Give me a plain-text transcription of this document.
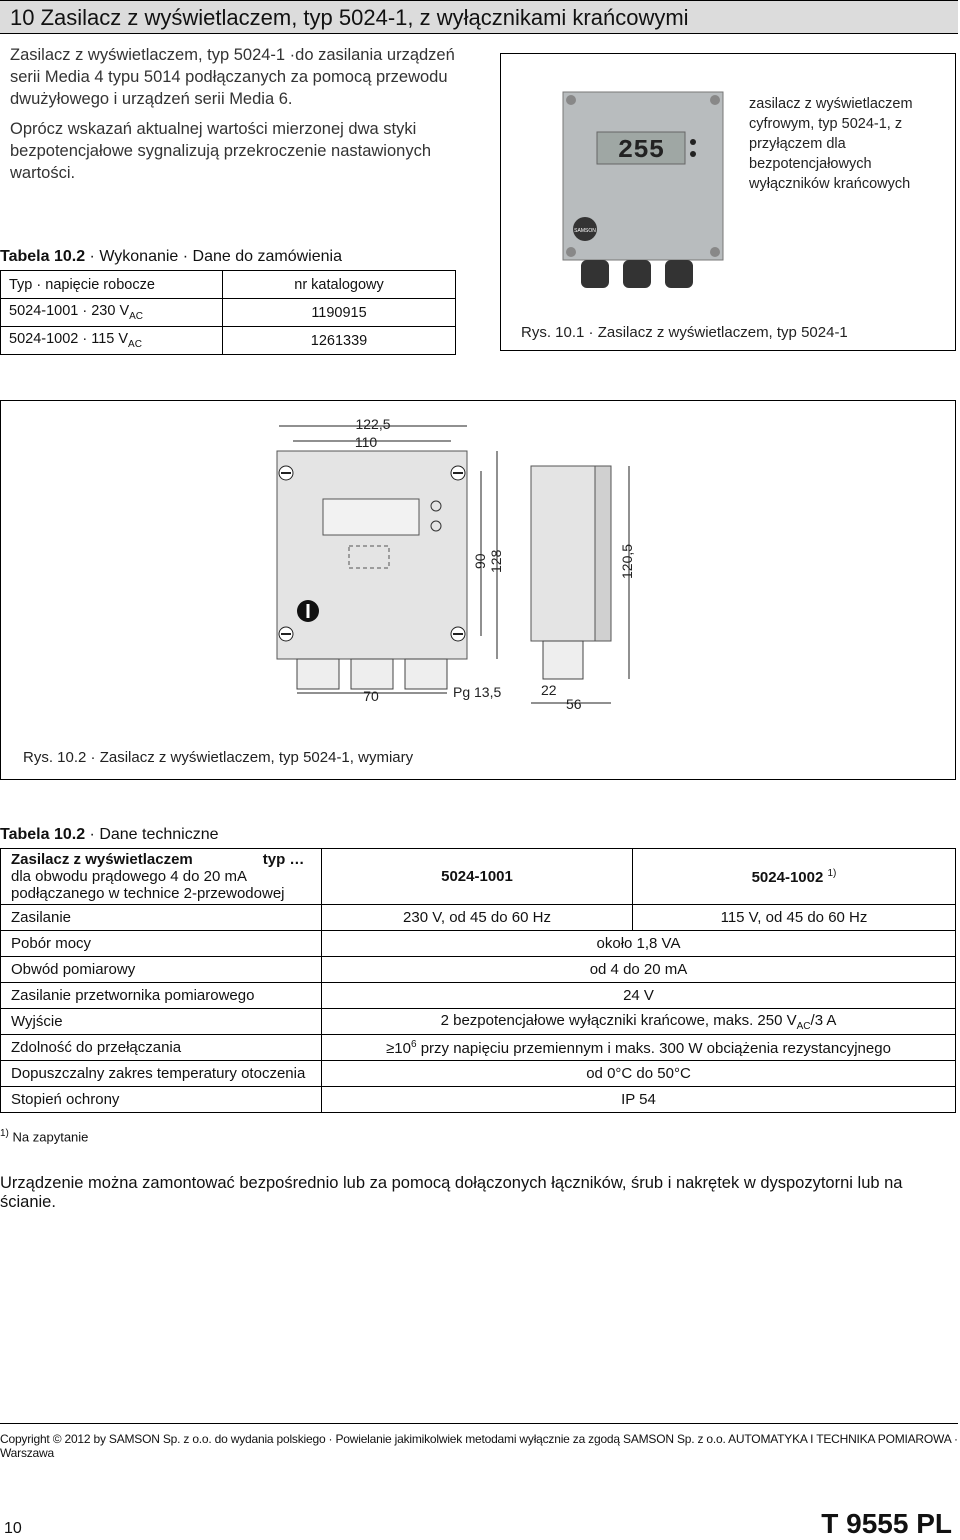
10 Zasilacz z wyświetlaczem, typ 5024-1, z wyłącznikami krańcowymi

Zasilacz z wyświetlaczem, typ 5024-1 ·do zasilania urządzeń serii Media 4 typu 5014 podłączanych za pomocą przewodu dwużyłowego i urządzeń serii Media 6.

Oprócz wskazań aktualnej wartości mierzonej dwa styki bezpotencjałowe sygnalizują przekroczenie nastawionych wartości.

255
SAMSON
zasilacz z wyświetlaczem cyfrowym, typ 5024-1, z przyłączem dla bezpotencjałowych wyłączników krańcowych
Rys. 10.1 · Zasilacz z wyświetlaczem, typ 5024-1
Tabela 10.2 · Wykonanie · Dane do zamówienia
Typ · napięcie robocze	nr katalogowy
5024-1001 · 230 $V_{AC}$	1190915
5024-1002 · 115 $V_{AC}$	1261339
122,5
110
90 128	120,5
70	Pg 13,5	22
56
Rys. 10.2 · Zasilacz z wyświetlaczem, typ 5024-1, wymiary
Tabela 10.2 · Dane techniczne
Zasilacz z wyświetlaczem typ …
dla obwodu prądowego 4 do 20 mA
podłączanego w technice 2-przewodowej	5024-1001	5024-1002 $^{1)}$
Zasilanie	230 V, od 45 do 60 Hz	115 V, od 45 do 60 Hz
Pobór mocy	około 1,8 VA	
Obwód pomiarowy	od 4 do 20 mA	
Zasilanie przetwornika pomiarowego	24 V	
Wyjście	2 bezpotencjałowe wyłączniki krańcowe, maks. 250 $V_{AC}/3$ A	
Zdolność do przełączania	$\ge 10^6$ przy napięciu przemiennym i maks. 300 W obciążenia rezystancyjnego	
Dopuszczalny zakres temperatury otoczenia	od 0°C do 50°C	
Stopień ochrony	IP 54	
$^{1)}$ Na zapytanie
Urządzenie można zamontować bezpośrednio lub za pomocą dołączonych łączników, śrub i nakrętek w dyspozytorni lub na ścianie.
Copyright © 2012 by SAMSON Sp. z o.o. do wydania polskiego · Powielanie jakimikolwiek metodami wyłącznie za zgodą SAMSON Sp. z o.o. AUTOMATYKA I TECHNIKA POMIAROWA · Warszawa
10	T 9555 PL
